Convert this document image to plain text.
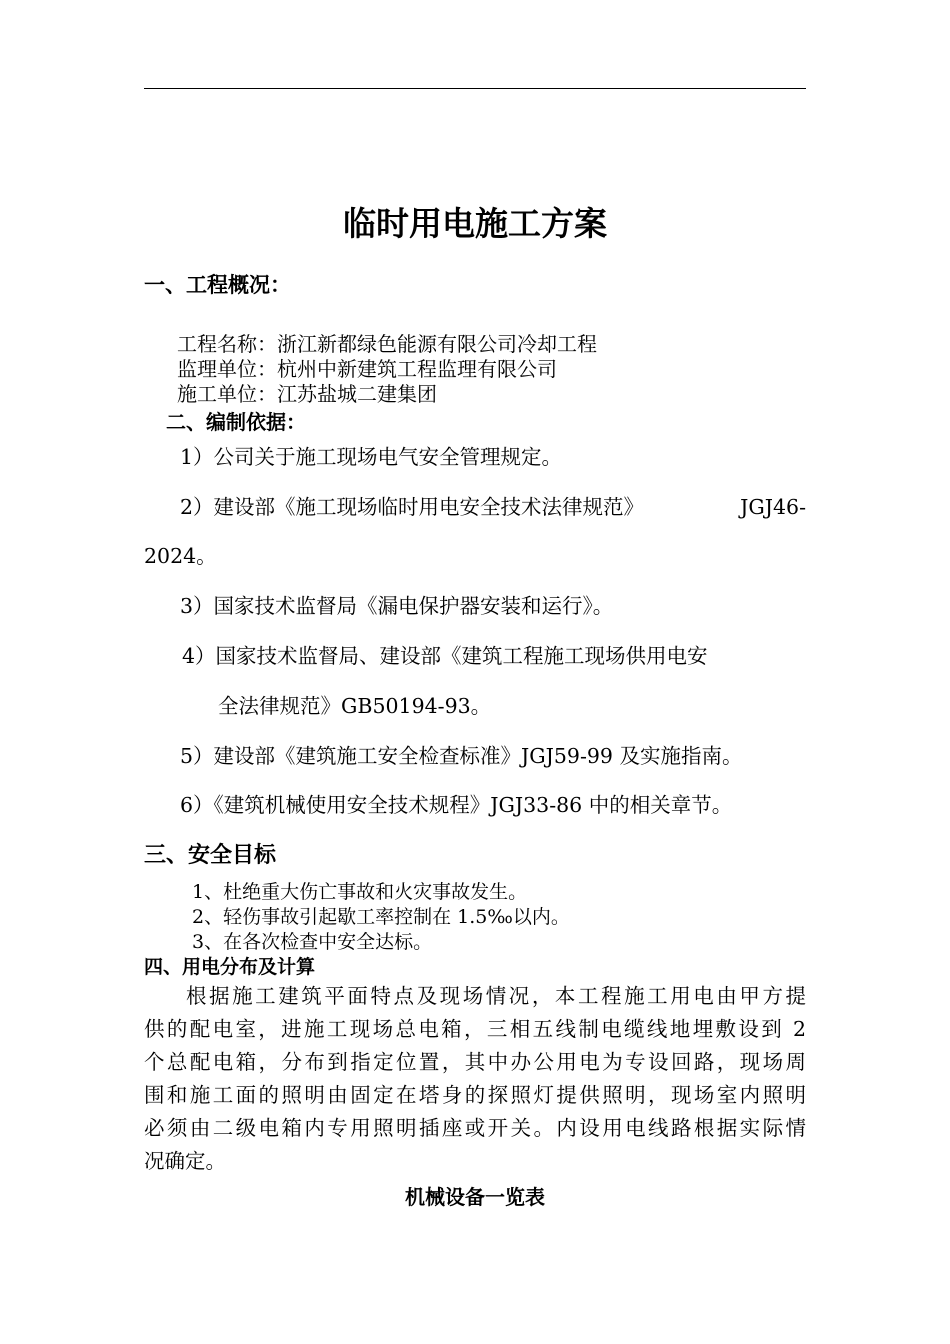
临时用电施工方案
一、工程概况：
工程名称：浙江新都绿色能源有限公司冷却工程
监理单位：杭州中新建筑工程监理有限公司
施工单位：江苏盐城二建集团
二、编制依据：
1）公司关于施工现场电气安全管理规定。
2）建设部《施工现场临时用电安全技术法律规范》	JGJ46-
2024。
3）国家技术监督局《漏电保护器安装和运行》。
4）国家技术监督局、建设部《建筑工程施工现场供用电安
全法律规范》GB50194-93。
5）建设部《建筑施工安全检查标准》JGJ59-99 及实施指南。
6）《建筑机械使用安全技术规程》JGJ33-86 中的相关章节。
三、安全目标
1、杜绝重大伤亡事故和火灾事故发生。
2、轻伤事故引起歇工率控制在 1.5‰以内。
3、在各次检查中安全达标。
四、用电分布及计算
根据施工建筑平面特点及现场情况，本工程施工用电由甲方提
供的配电室，进施工现场总电箱，三相五线制电缆线地埋敷设到 2
个总配电箱，分布到指定位置，其中办公用电为专设回路，现场周
围和施工面的照明由固定在塔身的探照灯提供照明，现场室内照明
必须由二级电箱内专用照明插座或开关。内设用电线路根据实际情
况确定。
机械设备一览表
